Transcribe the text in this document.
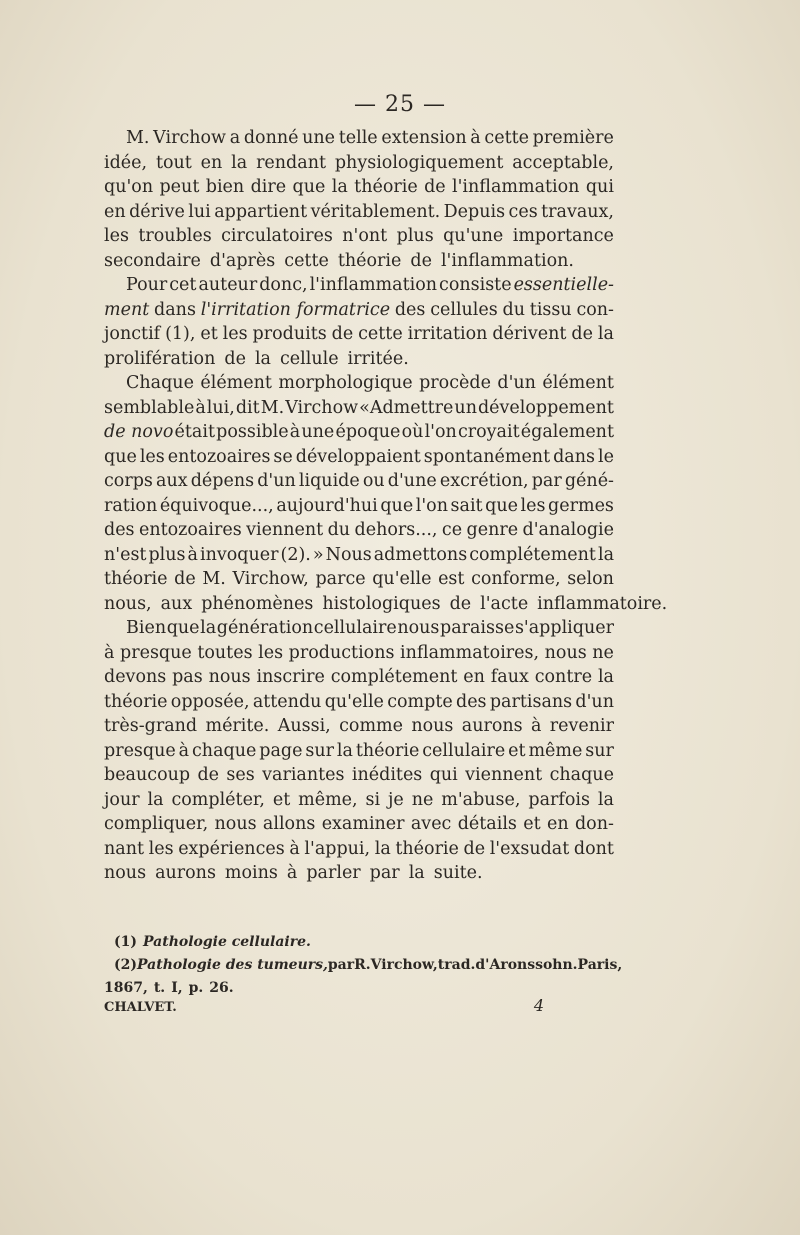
— 25 —
M. Virchow a donné une telle extension à cette première
idée, tout en la rendant physiologiquement acceptable,
qu'on peut bien dire que la théorie de l'inflammation qui
en dérive lui appartient véritablement. Depuis ces travaux,
les troubles circulatoires n'ont plus qu'une importance
secondaire d'après cette théorie de l'inflammation.
Pour cet auteur donc, l'inflammation consiste essentielle-
ment dans l'irritation formatrice des cellules du tissu con-
jonctif (1), et les produits de cette irritation dérivent de la
prolifération de la cellule irritée.
Chaque élément morphologique procède d'un élément
semblable à lui, dit M. Virchow «Admettre un développement
de novo était possible à une époque où l'on croyait également
que les entozoaires se développaient spontanément dans le
corps aux dépens d'un liquide ou d'une excrétion, par géné-
ration équivoque..., aujourd'hui que l'on sait que les germes
des entozoaires viennent du dehors..., ce genre d'analogie
n'est plus à invoquer (2). » Nous admettons complétement la
théorie de M. Virchow, parce qu'elle est conforme, selon
nous, aux phénomènes histologiques de l'acte inflammatoire.
Bien que la génération cellulaire nous paraisse s'appliquer
à presque toutes les productions inflammatoires, nous ne
devons pas nous inscrire complétement en faux contre la
théorie opposée, attendu qu'elle compte des partisans d'un
très-grand mérite. Aussi, comme nous aurons à revenir
presque à chaque page sur la théorie cellulaire et même sur
beaucoup de ses variantes inédites qui viennent chaque
jour la compléter, et même, si je ne m'abuse, parfois la
compliquer, nous allons examiner avec détails et en don-
nant les expériences à l'appui, la théorie de l'exsudat dont
nous aurons moins à parler par la suite.
(1) Pathologie cellulaire.
(2) Pathologie des tumeurs, par R. Virchow, trad. d'Aronssohn. Paris,
1867, t. I, p. 26.
CHALVET.	4
